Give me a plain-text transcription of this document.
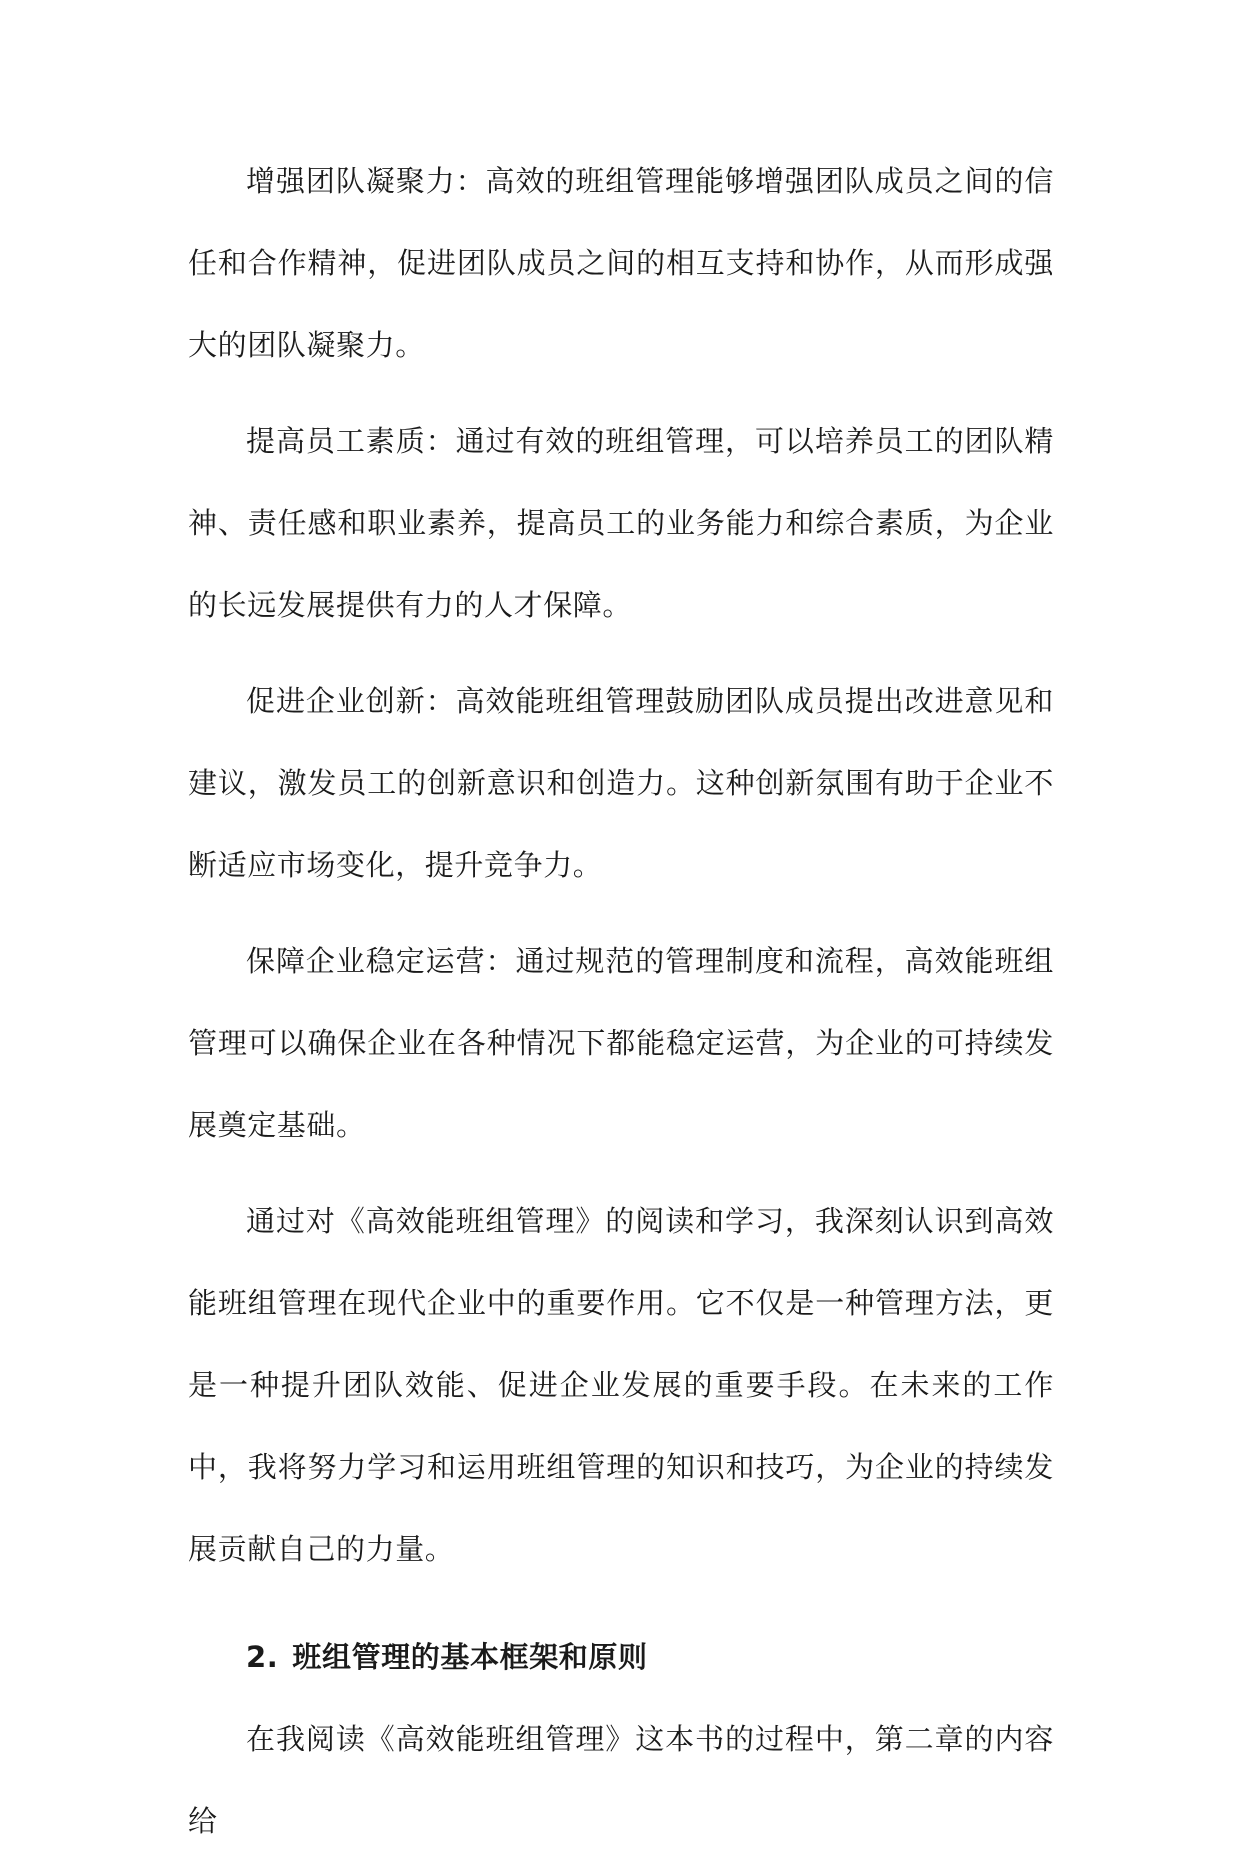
增强团队凝聚力：高效的班组管理能够增强团队成员之间的信任和合作精神，促进团队成员之间的相互支持和协作，从而形成强大的团队凝聚力。

提高员工素质：通过有效的班组管理，可以培养员工的团队精神、责任感和职业素养，提高员工的业务能力和综合素质，为企业的长远发展提供有力的人才保障。

促进企业创新：高效能班组管理鼓励团队成员提出改进意见和建议，激发员工的创新意识和创造力。这种创新氛围有助于企业不断适应市场变化，提升竞争力。

保障企业稳定运营：通过规范的管理制度和流程，高效能班组管理可以确保企业在各种情况下都能稳定运营，为企业的可持续发展奠定基础。

通过对《高效能班组管理》的阅读和学习，我深刻认识到高效能班组管理在现代企业中的重要作用。它不仅是一种管理方法，更是一种提升团队效能、促进企业发展的重要手段。在未来的工作中，我将努力学习和运用班组管理的知识和技巧，为企业的持续发展贡献自己的力量。

2. 班组管理的基本框架和原则

在我阅读《高效能班组管理》这本书的过程中，第二章的内容给
